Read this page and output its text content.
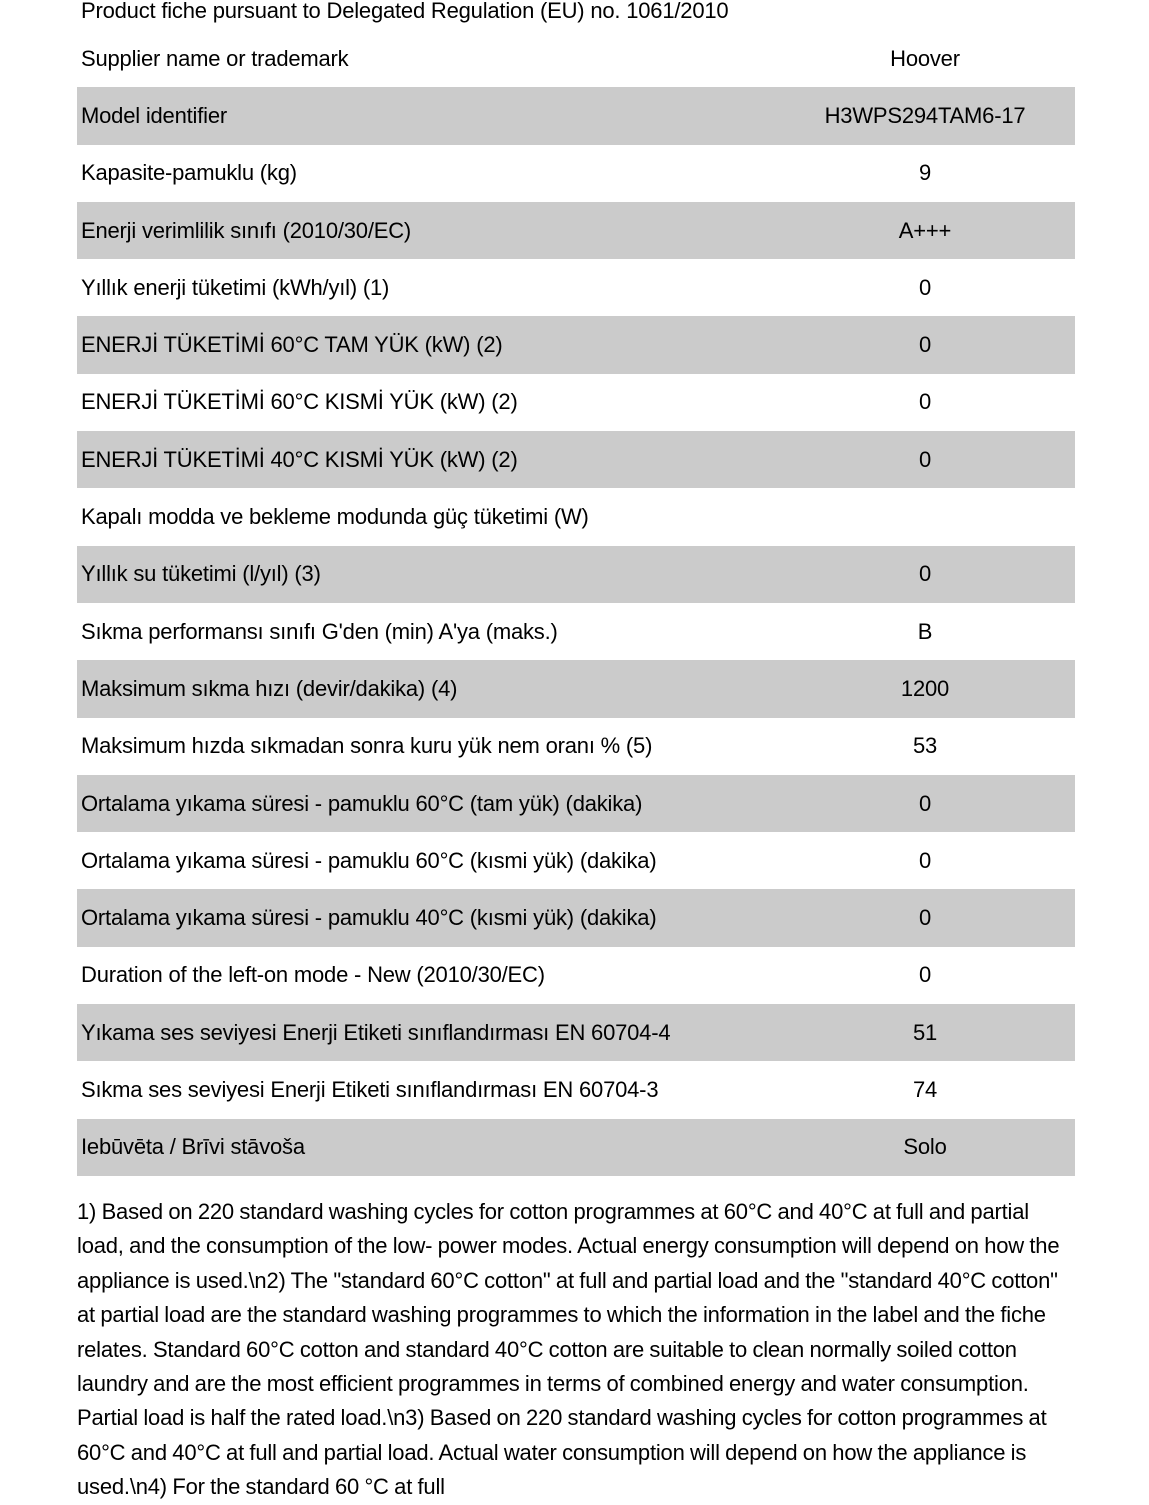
Product fiche pursuant to Delegated Regulation (EU) no. 1061/2010
Supplier name or trademark	Hoover
Model identifier	H3WPS294TAM6-17
Kapasite-pamuklu (kg)	9
Enerji verimlilik sınıfı (2010/30/EC)	A+++
Yıllık enerji tüketimi (kWh/yıl) (1)	0
ENERJİ TÜKETİMİ 60°C TAM YÜK (kW) (2)	0
ENERJİ TÜKETİMİ 60°C KISMİ YÜK (kW) (2)	0
ENERJİ TÜKETİMİ 40°C KISMİ YÜK (kW) (2)	0
Kapalı modda ve bekleme modunda güç tüketimi (W)
Yıllık su tüketimi (l/yıl) (3)	0
Sıkma performansı sınıfı G'den (min) A'ya (maks.)	B
Maksimum sıkma hızı (devir/dakika) (4)	1200
Maksimum hızda sıkmadan sonra kuru yük nem oranı % (5)	53
Ortalama yıkama süresi - pamuklu 60°C (tam yük) (dakika)	0
Ortalama yıkama süresi - pamuklu 60°C (kısmi yük) (dakika)	0
Ortalama yıkama süresi - pamuklu 40°C (kısmi yük) (dakika)	0
Duration of the left-on mode - New (2010/30/EC)	0
Yıkama ses seviyesi Enerji Etiketi sınıflandırması EN 60704-4	51
Sıkma ses seviyesi Enerji Etiketi sınıflandırması EN 60704-3	74
Iebūvēta / Brīvi stāvoša	Solo
1) Based on 220 standard washing cycles for cotton programmes at 60°C and 40°C at full and partial load, and the consumption of the low- power modes. Actual energy consumption will depend on how the appliance is used.\n2) The "standard 60°C cotton" at full and partial load and the "standard 40°C cotton" at partial load are the standard washing programmes to which the information in the label and the fiche relates. Standard 60°C cotton and standard 40°C cotton are suitable to clean normally soiled cotton laundry and are the most efficient programmes in terms of combined energy and water consumption. Partial load is half the rated load.\n3) Based on 220 standard washing cycles for cotton programmes at 60°C and 40°C at full and partial load. Actual water consumption will depend on how the appliance is used.\n4) For the standard 60 °C at full
